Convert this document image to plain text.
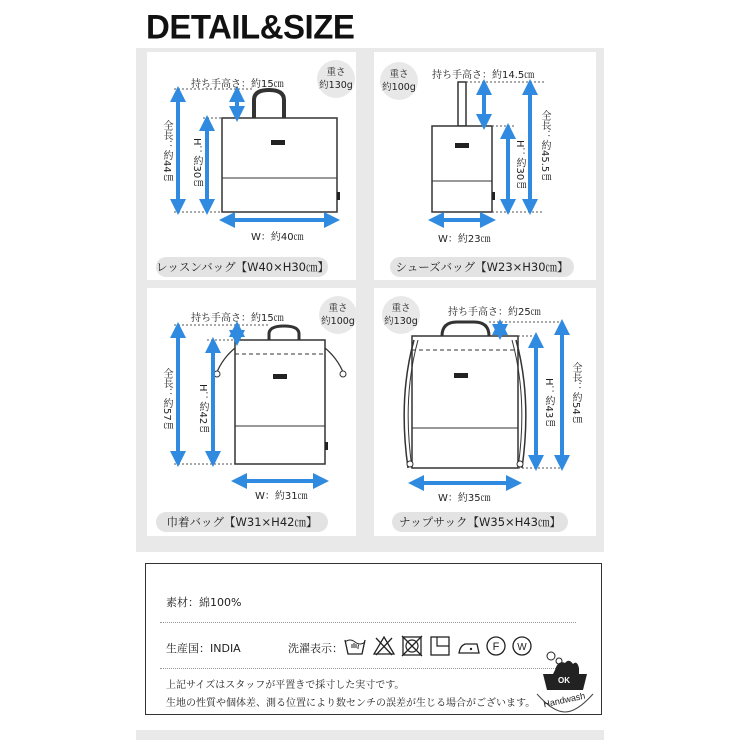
DETAIL&SIZE
持ち手高さ：約15㎝
重さ
約130g
全長：約44㎝ H：約30㎝
W：約40㎝
レッスンバッグ【W40×H30㎝】
持ち手高さ：約14.5㎝
重さ
約100g
全長：約45.5㎝
H：約30㎝
W：約23㎝
シューズバッグ【W23×H30㎝】
持ち手高さ：約15㎝
重さ
約100g
全長：約57㎝	H：約42㎝
W：約31㎝
巾着バッグ【W31×H42㎝】
持ち手高さ：約25㎝
重さ
約130g
全長：約54㎝
H：約43㎝
W：約35㎝
ナップサック【W35×H43㎝】
素材：綿100%
生産国：INDIA	洗濯表示：	F W
上記サイズはスタッフが平置きで採寸した実寸です。
生地の性質や個体差、測る位置により数センチの誤差が生じる場合がございます。
OK
Handwash
